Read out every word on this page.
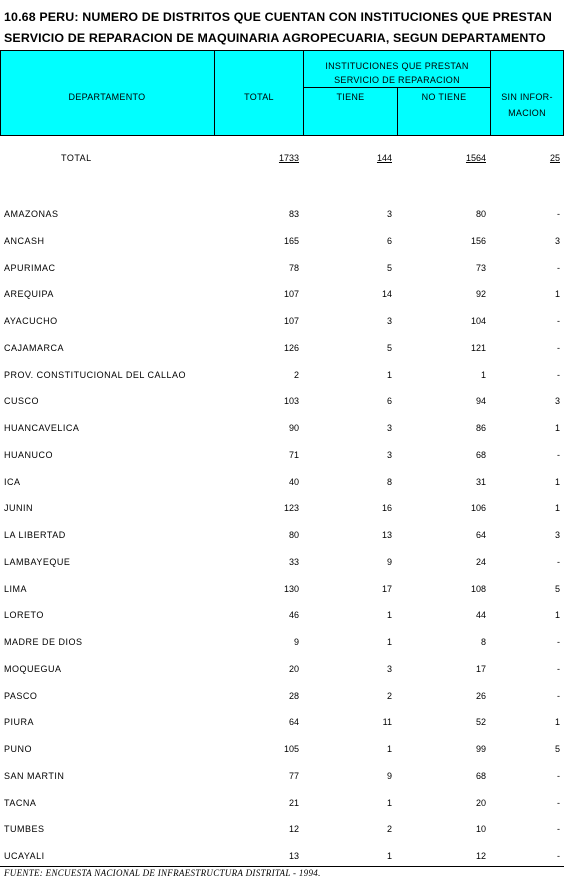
10.68 PERU: NUMERO DE DISTRITOS QUE CUENTAN CON INSTITUCIONES QUE PRESTAN
SERVICIO DE REPARACION DE MAQUINARIA AGROPECUARIA, SEGUN DEPARTAMENTO
DEPARTAMENTO	TOTAL
INSTITUCIONES QUE PRESTAN
SERVICIO DE REPARACION
TIENE	NO TIENE	SIN INFOR-
MACION
TOTAL	1733	144	1564	25
AMAZONAS	83	3	80	-
ANCASH	165	6	156	3
APURIMAC	78	5	73	-
AREQUIPA	107	14	92	1
AYACUCHO	107	3	104	-
CAJAMARCA	126	5	121	-
PROV. CONSTITUCIONAL DEL CALLAO	2	1	1	-
CUSCO	103	6	94	3
HUANCAVELICA	90	3	86	1
HUANUCO	71	3	68	-
ICA	40	8	31	1
JUNIN	123	16	106	1
LA LIBERTAD	80	13	64	3
LAMBAYEQUE	33	9	24	-
LIMA	130	17	108	5
LORETO	46	1	44	1
MADRE DE DIOS	9	1	8	-
MOQUEGUA	20	3	17	-
PASCO	28	2	26	-
PIURA	64	11	52	1
PUNO	105	1	99	5
SAN MARTIN	77	9	68	-
TACNA	21	1	20	-
TUMBES	12	2	10	-
UCAYALI	13	1	12	-
FUENTE: ENCUESTA NACIONAL DE INFRAESTRUCTURA DISTRITAL - 1994.
